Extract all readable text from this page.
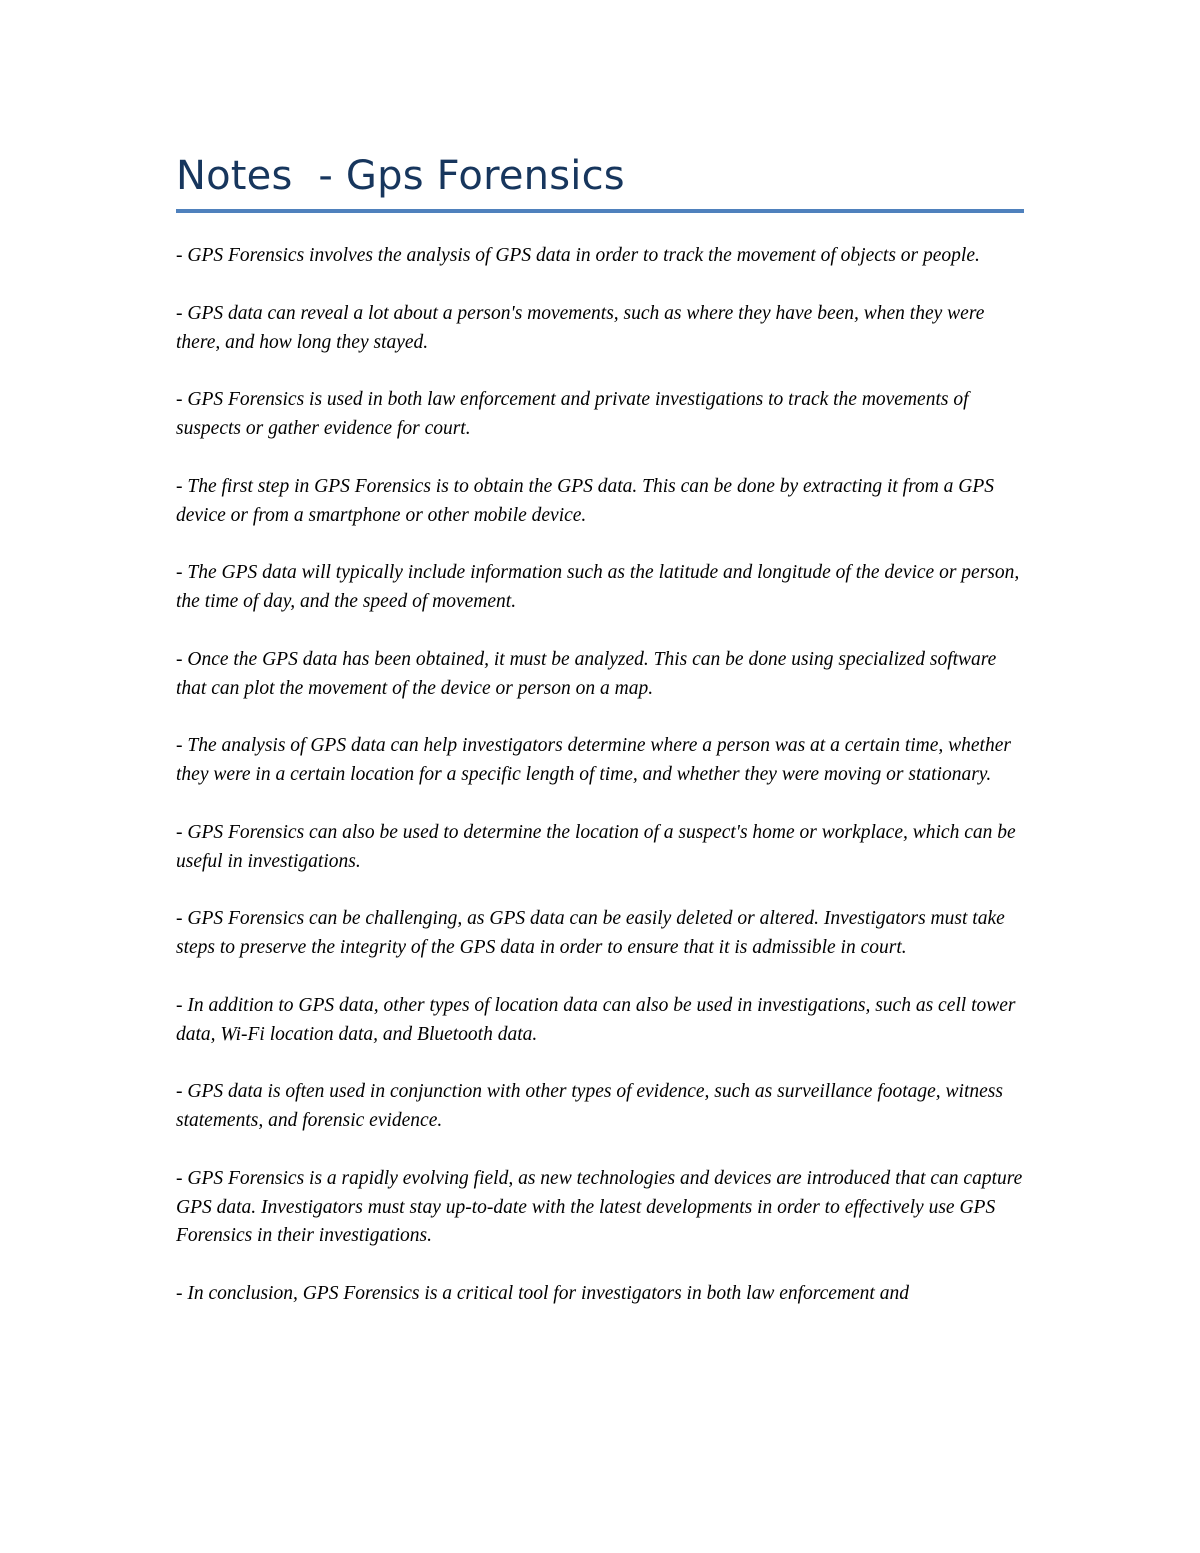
Notes  - Gps Forensics
- GPS Forensics involves the analysis of GPS data in order to track the movement of objects or people.
- GPS data can reveal a lot about a person's movements, such as where they have been, when they were there, and how long they stayed.
- GPS Forensics is used in both law enforcement and private investigations to track the movements of suspects or gather evidence for court.
- The first step in GPS Forensics is to obtain the GPS data. This can be done by extracting it from a GPS device or from a smartphone or other mobile device.
- The GPS data will typically include information such as the latitude and longitude of the device or person, the time of day, and the speed of movement.
- Once the GPS data has been obtained, it must be analyzed. This can be done using specialized software that can plot the movement of the device or person on a map.
- The analysis of GPS data can help investigators determine where a person was at a certain time, whether they were in a certain location for a specific length of time, and whether they were moving or stationary.
- GPS Forensics can also be used to determine the location of a suspect's home or workplace, which can be useful in investigations.
- GPS Forensics can be challenging, as GPS data can be easily deleted or altered. Investigators must take steps to preserve the integrity of the GPS data in order to ensure that it is admissible in court.
- In addition to GPS data, other types of location data can also be used in investigations, such as cell tower data, Wi-Fi location data, and Bluetooth data.
- GPS data is often used in conjunction with other types of evidence, such as surveillance footage, witness statements, and forensic evidence.
- GPS Forensics is a rapidly evolving field, as new technologies and devices are introduced that can capture GPS data. Investigators must stay up-to-date with the latest developments in order to effectively use GPS Forensics in their investigations.
- In conclusion, GPS Forensics is a critical tool for investigators in both law enforcement and
